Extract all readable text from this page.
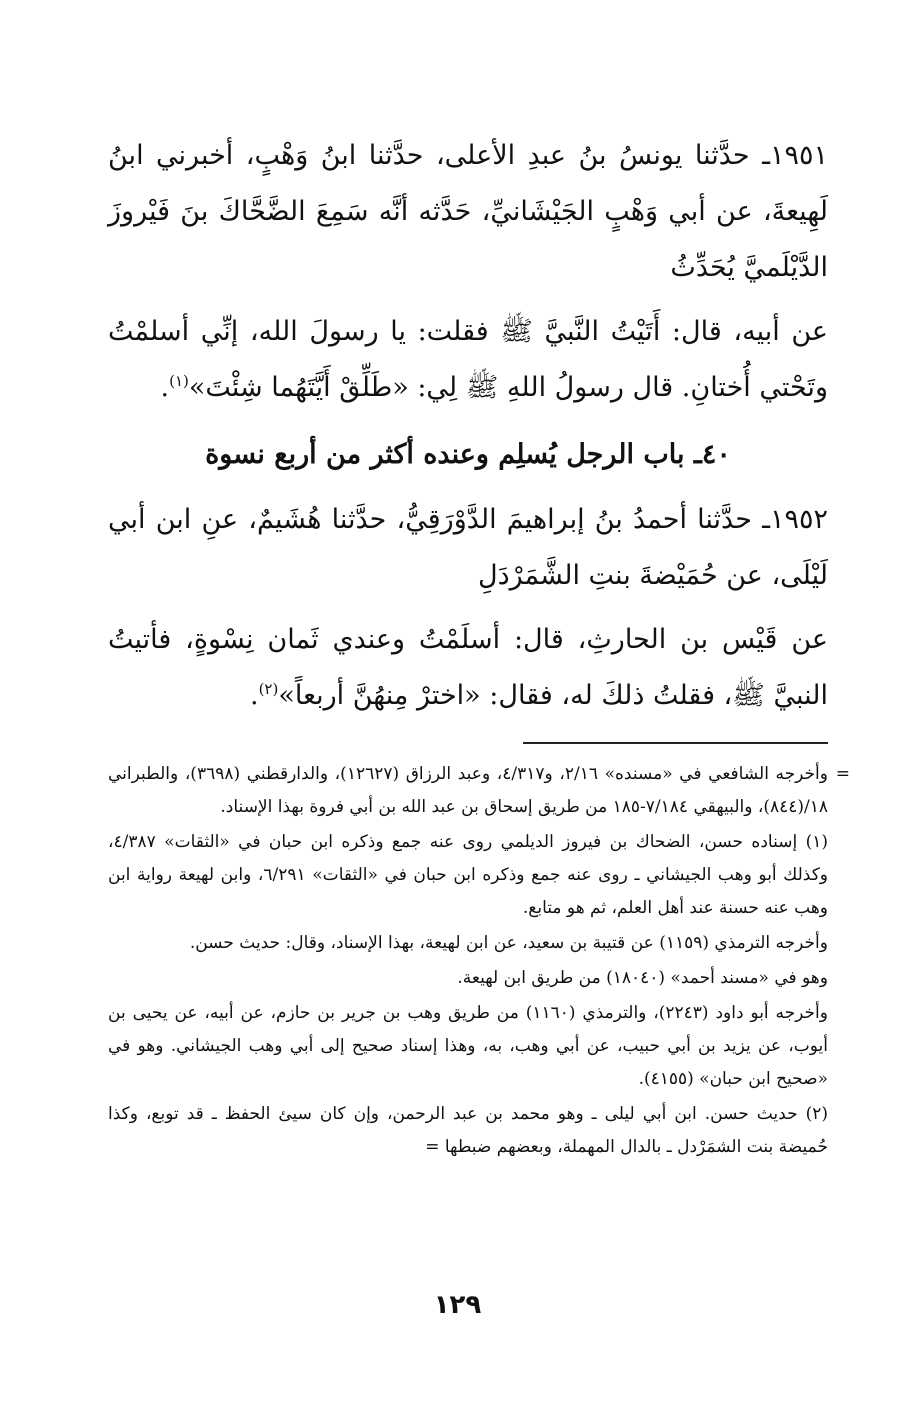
١٩٥١ـ حدَّثنا يونسُ بنُ عبدِ الأعلى، حدَّثنا ابنُ وَهْبٍ، أخبرني ابنُ لَهِيعةَ، عن أبي وَهْبٍ الجَيْشَانيِّ، حَدَّثه أنَّه سَمِعَ الضَّحَّاكَ بنَ فَيْروزَ الدَّيْلَميَّ يُحَدِّثُ

عن أبيه، قال: أَتَيْتُ النَّبيَّ ﷺ فقلت: يا رسولَ الله، إنِّي أسلمْتُ وتَحْتي أُختانِ. قال رسولُ اللهِ ﷺ لِي: «طَلِّقْ أَيَّتَهُما شِئْتَ»$^{(١)}$.

٤٠ـ باب الرجل يُسلِم وعنده أكثر من أربع نسوة

١٩٥٢ـ حدَّثنا أحمدُ بنُ إبراهيمَ الدَّوْرَقِيُّ، حدَّثنا هُشَيمٌ، عنِ ابن أبي لَيْلَى، عن حُمَيْضةَ بنتِ الشَّمَرْدَلِ

عن قَيْس بن الحارثِ، قال: أسلَمْتُ وعندي ثَمان نِسْوةٍ، فأتيتُ النبيَّ ﷺ، فقلتُ ذلكَ له، فقال: «اخترْ مِنهُنَّ أربعاً»$^{(٢)}$.

=
وأخرجه الشافعي في «مسنده» ٢/١٦، و٤/٣١٧، وعبد الرزاق (١٢٦٢٧)، والدارقطني (٣٦٩٨)، والطبراني ١٨/(٨٤٤)، والبيهقي ٧/١٨٤-١٨٥ من طريق إسحاق بن عبد الله بن أبي فروة بهذا الإسناد.

(١) إسناده حسن، الضحاك بن فيروز الديلمي روى عنه جمع وذكره ابن حبان في «الثقات» ٤/٣٨٧، وكذلك أبو وهب الجيشاني ـ روى عنه جمع وذكره ابن حبان في «الثقات» ٦/٢٩١، وابن لهيعة رواية ابن وهب عنه حسنة عند أهل العلم، ثم هو متابع.

وأخرجه الترمذي (١١٥٩) عن قتيبة بن سعيد، عن ابن لهيعة، بهذا الإسناد، وقال: حديث حسن.

وهو في «مسند أحمد» (١٨٠٤٠) من طريق ابن لهيعة.

وأخرجه أبو داود (٢٢٤٣)، والترمذي (١١٦٠) من طريق وهب بن جرير بن حازم، عن أبيه، عن يحيى بن أيوب، عن يزيد بن أبي حبيب، عن أبي وهب، به، وهذا إسناد صحيح إلى أبي وهب الجيشاني. وهو في «صحيح ابن حبان» (٤١٥٥).

(٢) حديث حسن. ابن أبي ليلى ـ وهو محمد بن عبد الرحمن، وإن كان سيئ الحفظ ـ قد توبع، وكذا حُميضة بنت الشمَرْدل ـ بالدال المهملة، وبعضهم ضبطها =

١٢٩
